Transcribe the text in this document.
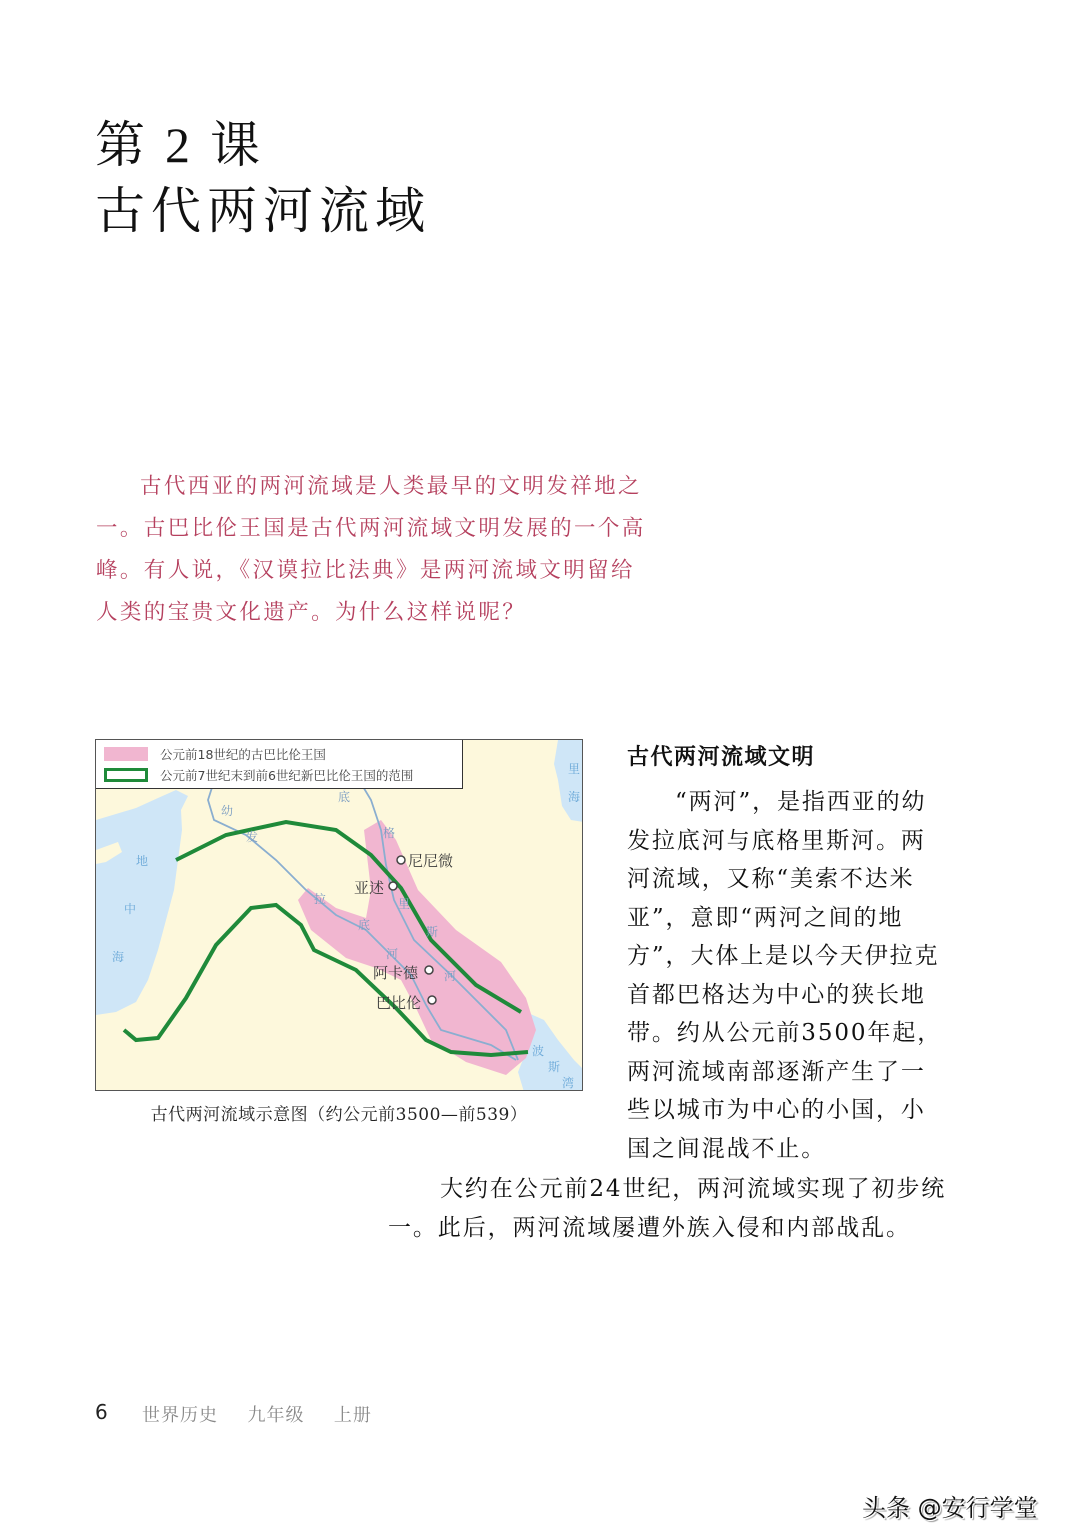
第 2 课
古代两河流域

古代西亚的两河流域是人类最早的文明发祥地之一。古巴比伦王国是古代两河流域文明发展的一个高峰。有人说，《汉谟拉比法典》是两河流域文明留给人类的宝贵文化遗产。为什么这样说呢？

公元前18世纪的古巴比伦王国
公元前7世纪末到前6世纪新巴比伦王国的范围
尼尼微
亚述
阿卡德
巴比伦
幼
发
拉
底
河
底
格
里
斯
河
地
中
海
里
海
波
斯
湾
古代两河流域示意图（约公元前3500—前539）
古代两河流域文明

“两河”，是指西亚的幼发拉底河与底格里斯河。两河流域，又称“美索不达米亚”，意即“两河之间的地方”，大体上是以今天伊拉克首都巴格达为中心的狭长地带。约从公元前3500年起，两河流域南部逐渐产生了一些以城市为中心的小国，小国之间混战不止。

大约在公元前24世纪，两河流域实现了初步统一。此后，两河流域屡遭外族入侵和内部战乱。

6 世界历史  九年级  上册
头条 @安行学堂
